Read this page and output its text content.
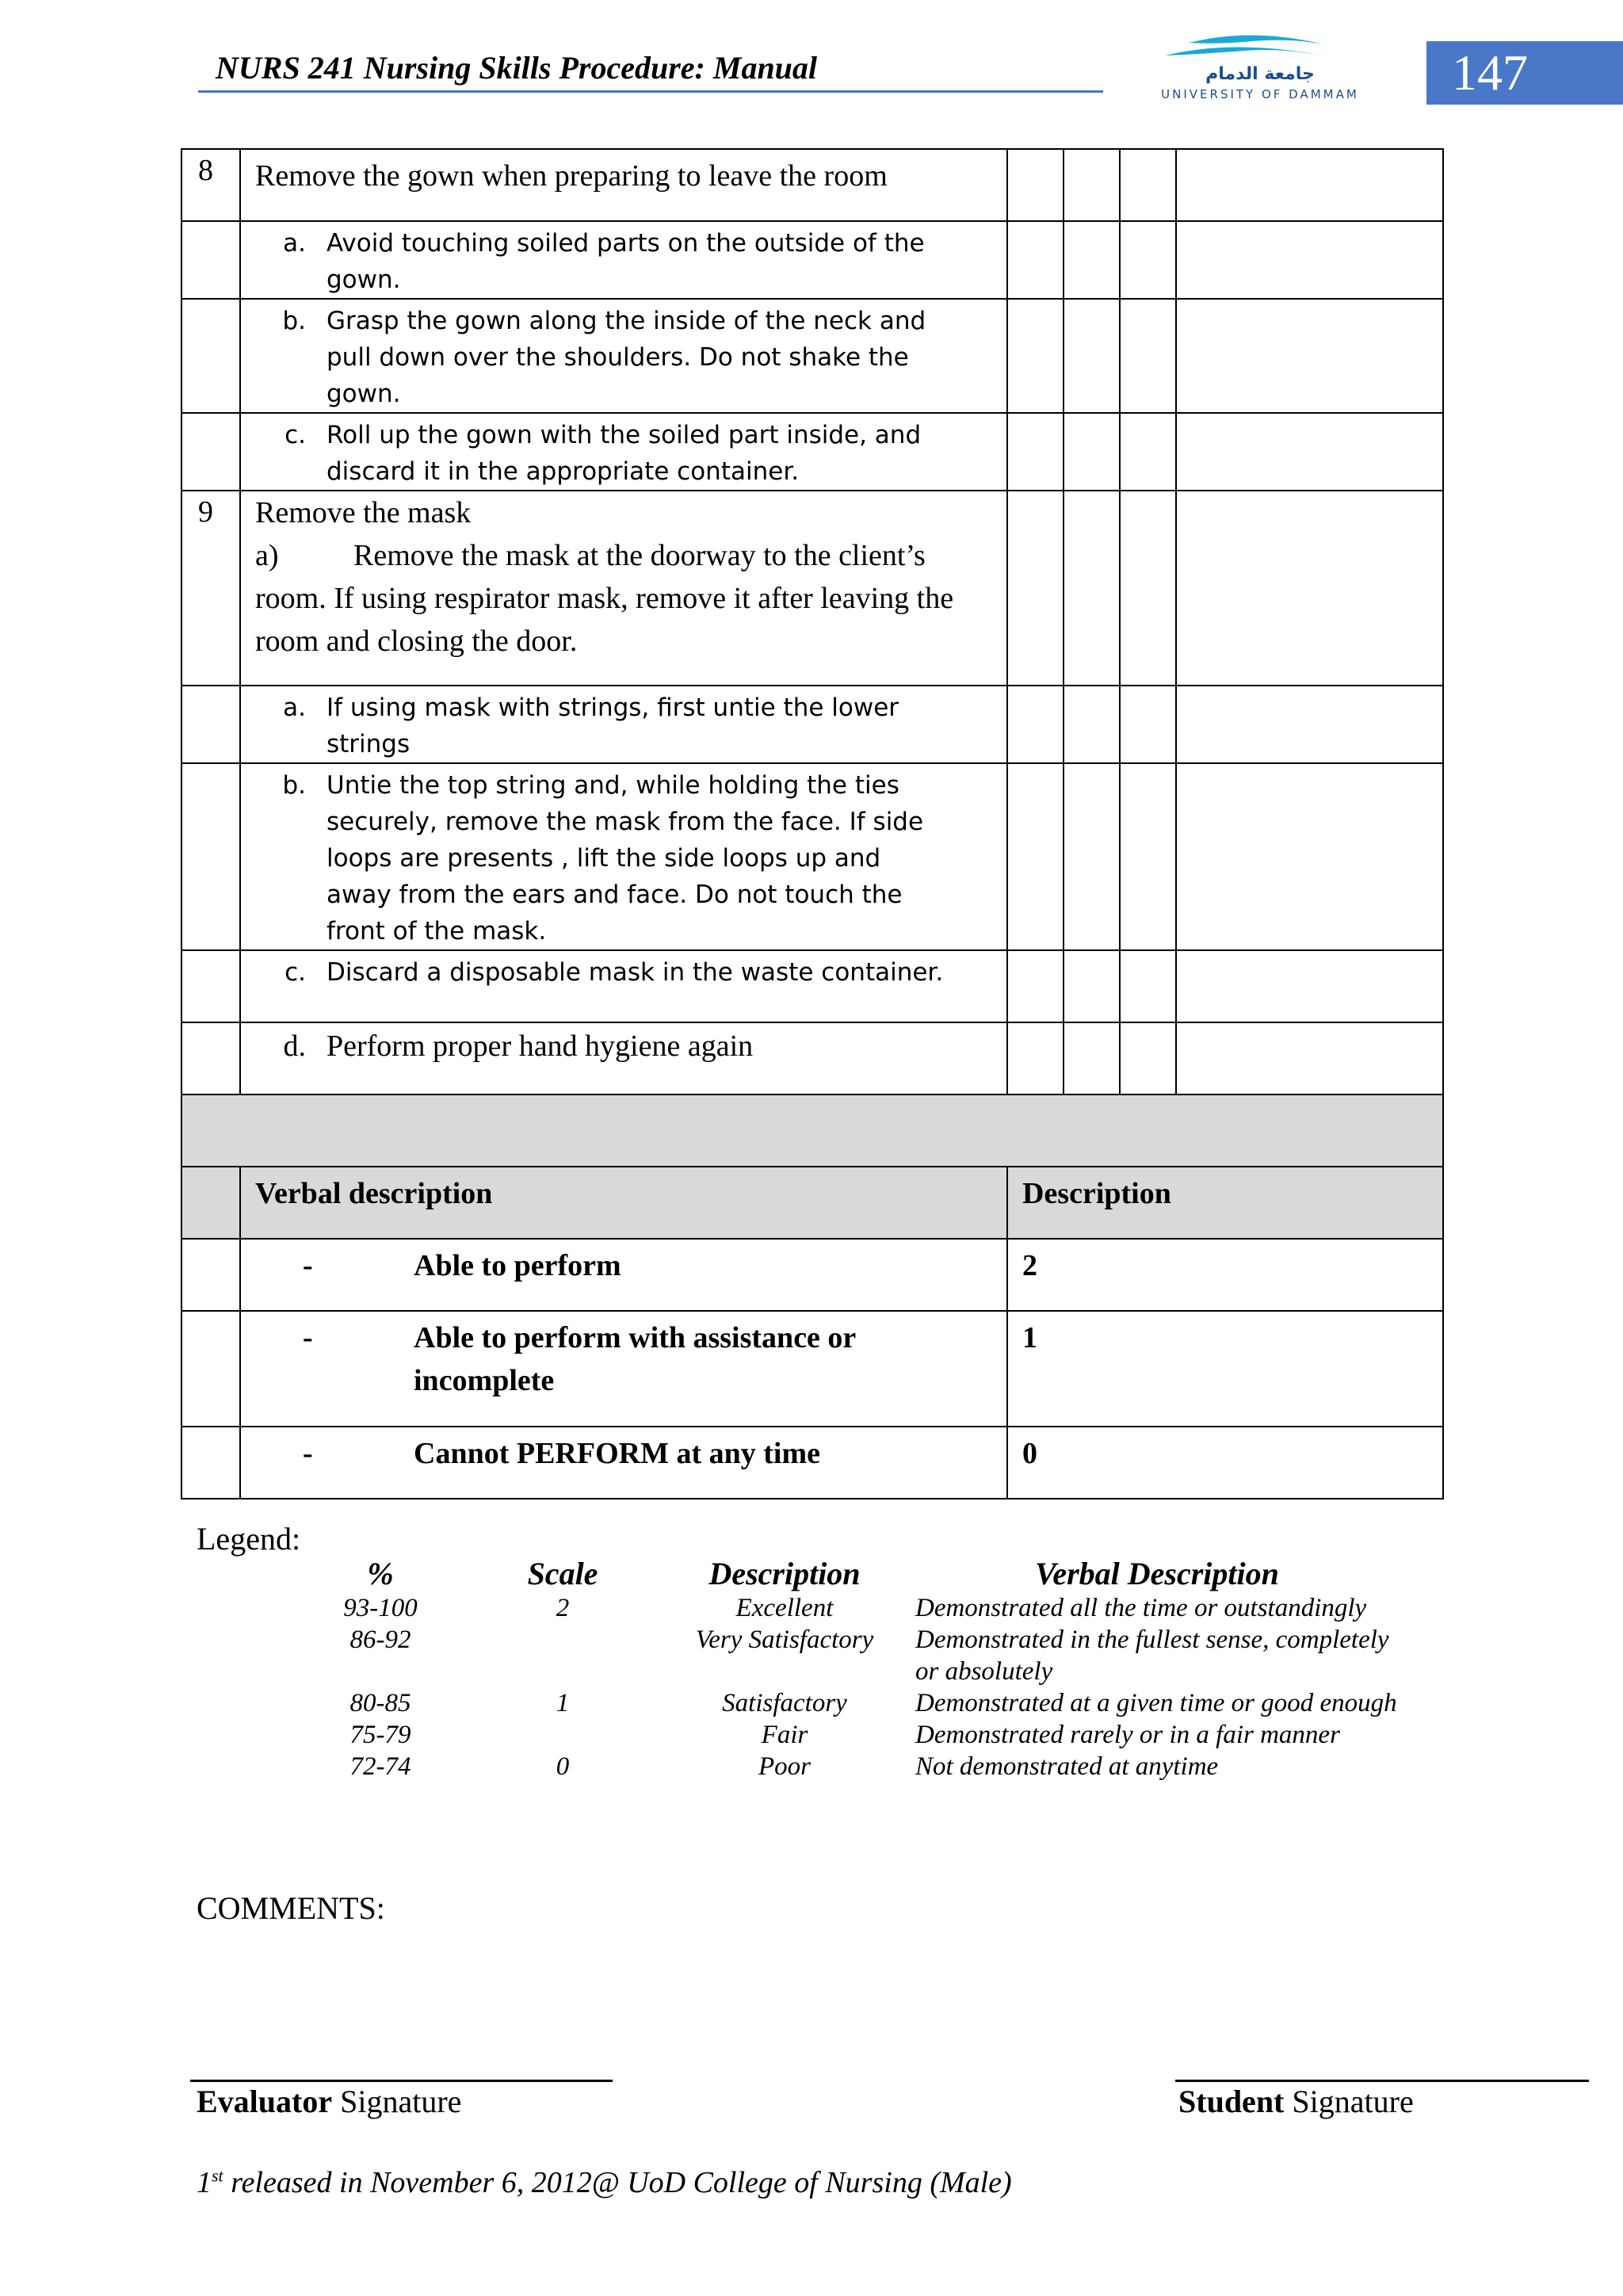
NURS 241 Nursing Skills Procedure: Manual	ﺟﺎﻣﻌﺔ اﻟﺪﻣﺎم
UNIVERSITY OF DAMMAM 147
8	Remove the gown when preparing to leave the room				
	a. Avoid touching soiled parts on the outside of the gown.				
	b. Grasp the gown along the inside of the neck and pull down over the shoulders. Do not shake the gown.				
	c. Roll up the gown with the soiled part inside, and discard it in the appropriate container.				
9	Remove the mask
a) Remove the mask at the doorway to the client’s
room. If using respirator mask, remove it after leaving the room and closing the door.				

	a. If using mask with strings, first untie the lower strings				
	b. Untie the top string and, while holding the ties securely, remove the mask from the face. If side loops are presents , lift the side loops up and away from the ears and face. Do not touch the front of the mask.				
	c. Discard a disposable mask in the waste container.				
	d. Perform proper hand hygiene again				

	Verbal description	Description			
	- Able to perform	2			
	- Able to perform with assistance or incomplete	1			
	- Cannot PERFORM at any time	0			
Legend:
%	Scale	Description	Verbal Description
93-100	2	Excellent	Demonstrated all the time or outstandingly
86-92		Very Satisfactory	Demonstrated in the fullest sense, completely or absolutely
80-85	1	Satisfactory	Demonstrated at a given time or good enough
75-79		Fair	Demonstrated rarely or in a fair manner
72-74	0	Poor	Not demonstrated at anytime
COMMENTS:
Evaluator Signature	Student Signature
1st released in November 6, 2012@ UoD College of Nursing (Male)
